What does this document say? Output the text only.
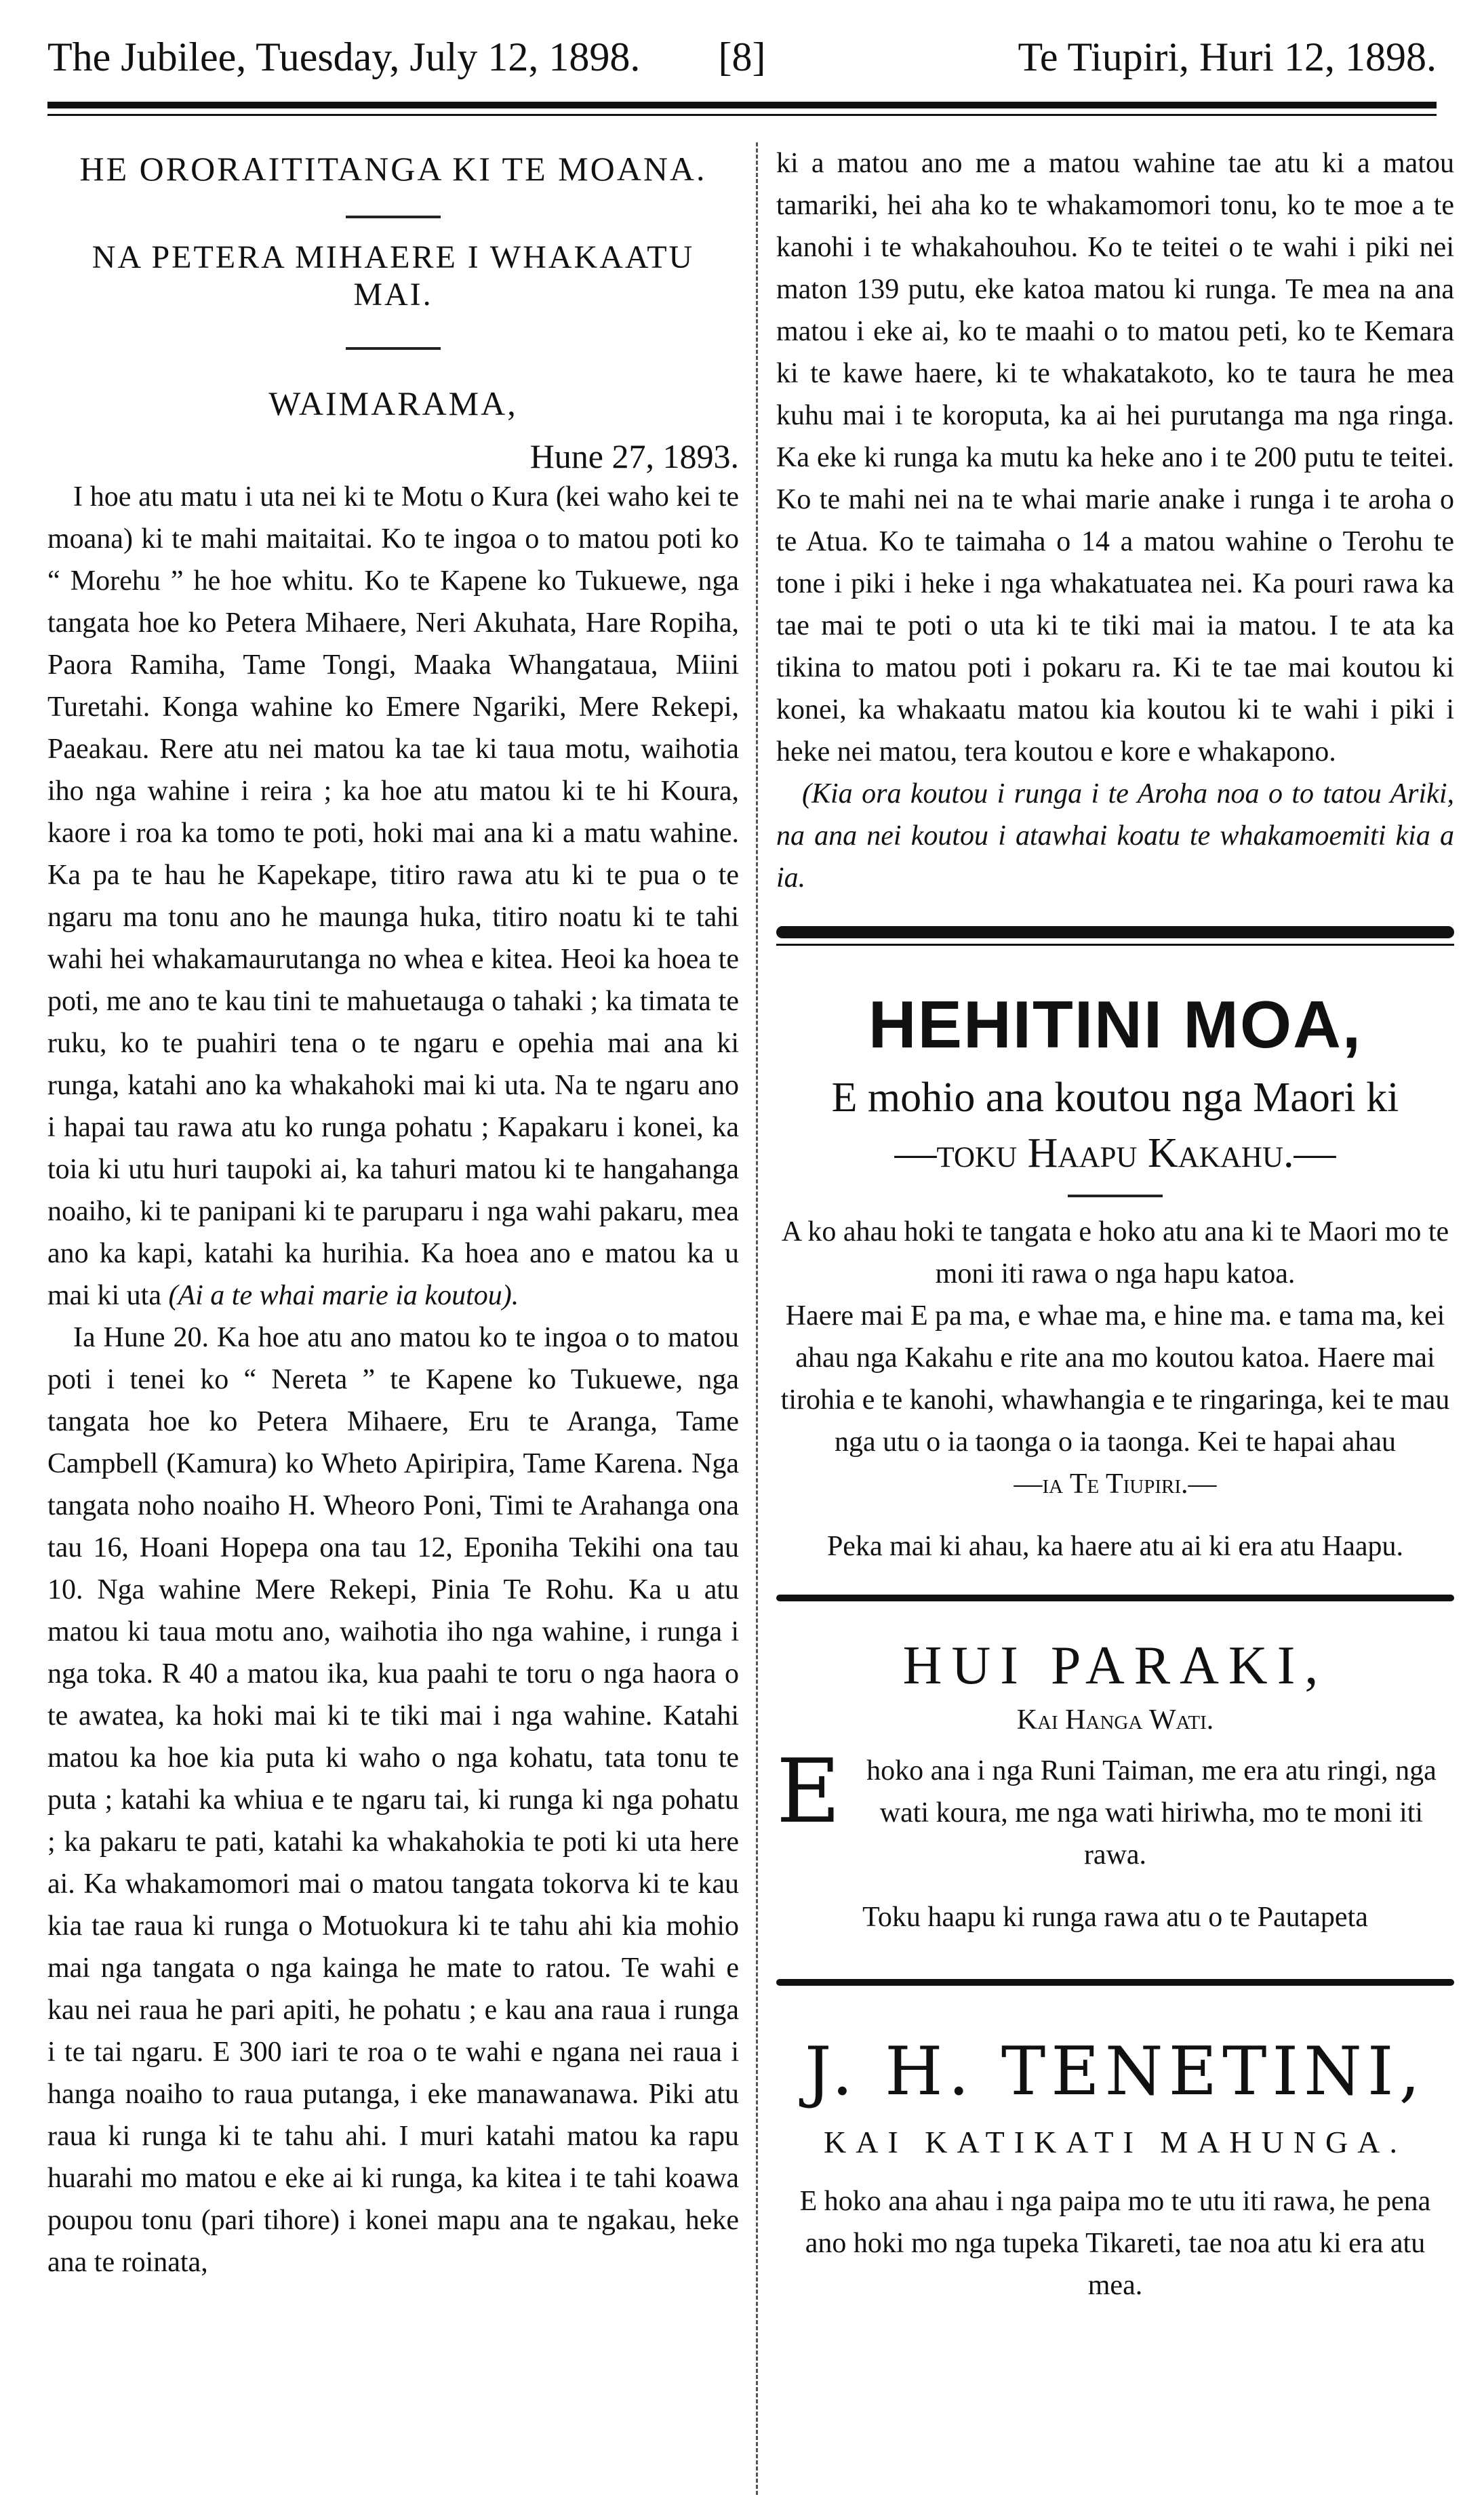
The Jubilee, Tuesday, July 12, 1898.	[8]	Te Tiupiri, Huri 12, 1898.
HE ORORAITITANGA KI TE MOANA.
NA PETERA MIHAERE I WHAKAATU MAI.
WAIMARAMA,
Hune 27, 1893.

I hoe atu matu i uta nei ki te Motu o Kura (kei waho kei te moana) ki te mahi maitaitai. Ko te ingoa o to matou poti ko “ Morehu ” he hoe whitu. Ko te Kapene ko Tukuewe, nga tangata hoe ko Petera Mihaere, Neri Akuhata, Hare Ropiha, Paora Ramiha, Tame Tongi, Maaka Whangataua, Miini Turetahi. Konga wahine ko Emere Ngariki, Mere Rekepi, Paeakau. Rere atu nei matou ka tae ki taua motu, waihotia iho nga wahine i reira ; ka hoe atu matou ki te hi Koura, kaore i roa ka tomo te poti, hoki mai ana ki a matu wahine. Ka pa te hau he Kapekape, titiro rawa atu ki te pua o te ngaru ma tonu ano he maunga huka, titiro noatu ki te tahi wahi hei whakamaurutanga no whea e kitea. Heoi ka hoea te poti, me ano te kau tini te mahuetauga o tahaki ; ka timata te ruku, ko te puahiri tena o te ngaru e opehia mai ana ki runga, katahi ano ka whakahoki mai ki uta. Na te ngaru ano i hapai tau rawa atu ko runga pohatu ; Kapakaru i konei, ka toia ki utu huri taupoki ai, ka tahuri matou ki te hangahanga noaiho, ki te panipani ki te paruparu i nga wahi pakaru, mea ano ka kapi, katahi ka hurihia. Ka hoea ano e matou ka u mai ki uta (Ai a te whai marie ia koutou).

Ia Hune 20. Ka hoe atu ano matou ko te ingoa o to matou poti i tenei ko “ Nereta ” te Kapene ko Tukuewe, nga tangata hoe ko Petera Mihaere, Eru te Aranga, Tame Campbell (Kamura) ko Wheto Apiripira, Tame Karena. Nga tangata noho noaiho H. Wheoro Poni, Timi te Arahanga ona tau 16, Hoani Hopepa ona tau 12, Eponiha Tekihi ona tau 10. Nga wahine Mere Rekepi, Pinia Te Rohu. Ka u atu matou ki taua motu ano, waihotia iho nga wahine, i runga i nga toka. R 40 a matou ika, kua paahi te toru o nga haora o te awatea, ka hoki mai ki te tiki mai i nga wahine. Katahi matou ka hoe kia puta ki waho o nga kohatu, tata tonu te puta ; katahi ka whiua e te ngaru tai, ki runga ki nga pohatu ; ka pakaru te pati, katahi ka whakahokia te poti ki uta here ai. Ka whakamomori mai o matou tangata tokorva ki te kau kia tae raua ki runga o Motuokura ki te tahu ahi kia mohio mai nga tangata o nga kainga he mate to ratou. Te wahi e kau nei raua he pari apiti, he pohatu ; e kau ana raua i runga i te tai ngaru. E 300 iari te roa o te wahi e ngana nei raua i hanga noaiho to raua putanga, i eke manawanawa. Piki atu raua ki runga ki te tahu ahi. I muri katahi matou ka rapu huarahi mo matou e eke ai ki runga, ka kitea i te tahi koawa poupou tonu (pari tihore) i konei mapu ana te ngakau, heke ana te roinata,

ki a matou ano me a matou wahine tae atu ki a matou tamariki, hei aha ko te whakamomori tonu, ko te moe a te kanohi i te whakahouhou. Ko te teitei o te wahi i piki nei maton 139 putu, eke katoa matou ki runga. Te mea na ana matou i eke ai, ko te maahi o to matou peti, ko te Kemara ki te kawe haere, ki te whakatakoto, ko te taura he mea kuhu mai i te koroputa, ka ai hei purutanga ma nga ringa. Ka eke ki runga ka mutu ka heke ano i te 200 putu te teitei. Ko te mahi nei na te whai marie anake i runga i te aroha o te Atua. Ko te taimaha o 14 a matou wahine o Terohu te tone i piki i heke i nga whakatuatea nei. Ka pouri rawa ka tae mai te poti o uta ki te tiki mai ia matou. I te ata ka tikina to matou poti i pokaru ra. Ki te tae mai koutou ki konei, ka whakaatu matou kia koutou ki te wahi i piki i heke nei matou, tera koutou e kore e whakapono.

(Kia ora koutou i runga i te Aroha noa o to tatou Ariki, na ana nei koutou i atawhai koatu te whakamoemiti kia a ia.

HEHITINI MOA,
E mohio ana koutou nga Maori ki
—toku Haapu Kakahu.—
A ko ahau hoki te tangata e hoko atu ana ki te Maori mo te moni iti rawa o nga hapu katoa.
Haere mai E pa ma, e whae ma, e hine ma. e tama ma, kei ahau nga Kakahu e rite ana mo koutou katoa. Haere mai tirohia e te kanohi, whawhangia e te ringaringa, kei te mau nga utu o ia taonga o ia taonga. Kei te hapai ahau
—ia Te Tiupiri.—
Peka mai ki ahau, ka haere atu ai ki era atu Haapu.
HUI PARAKI,
Kai Hanga Wati.
E hoko ana i nga Runi Taiman, me era atu ringi, nga wati koura, me nga wati hiriwha, mo te moni iti rawa.
Toku haapu ki runga rawa atu o te Pautapeta
J. H. TENETINI,
KAI KATIKATI MAHUNGA.
E hoko ana ahau i nga paipa mo te utu iti rawa, he pena ano hoki mo nga tupeka Tikareti, tae noa atu ki era atu mea.
